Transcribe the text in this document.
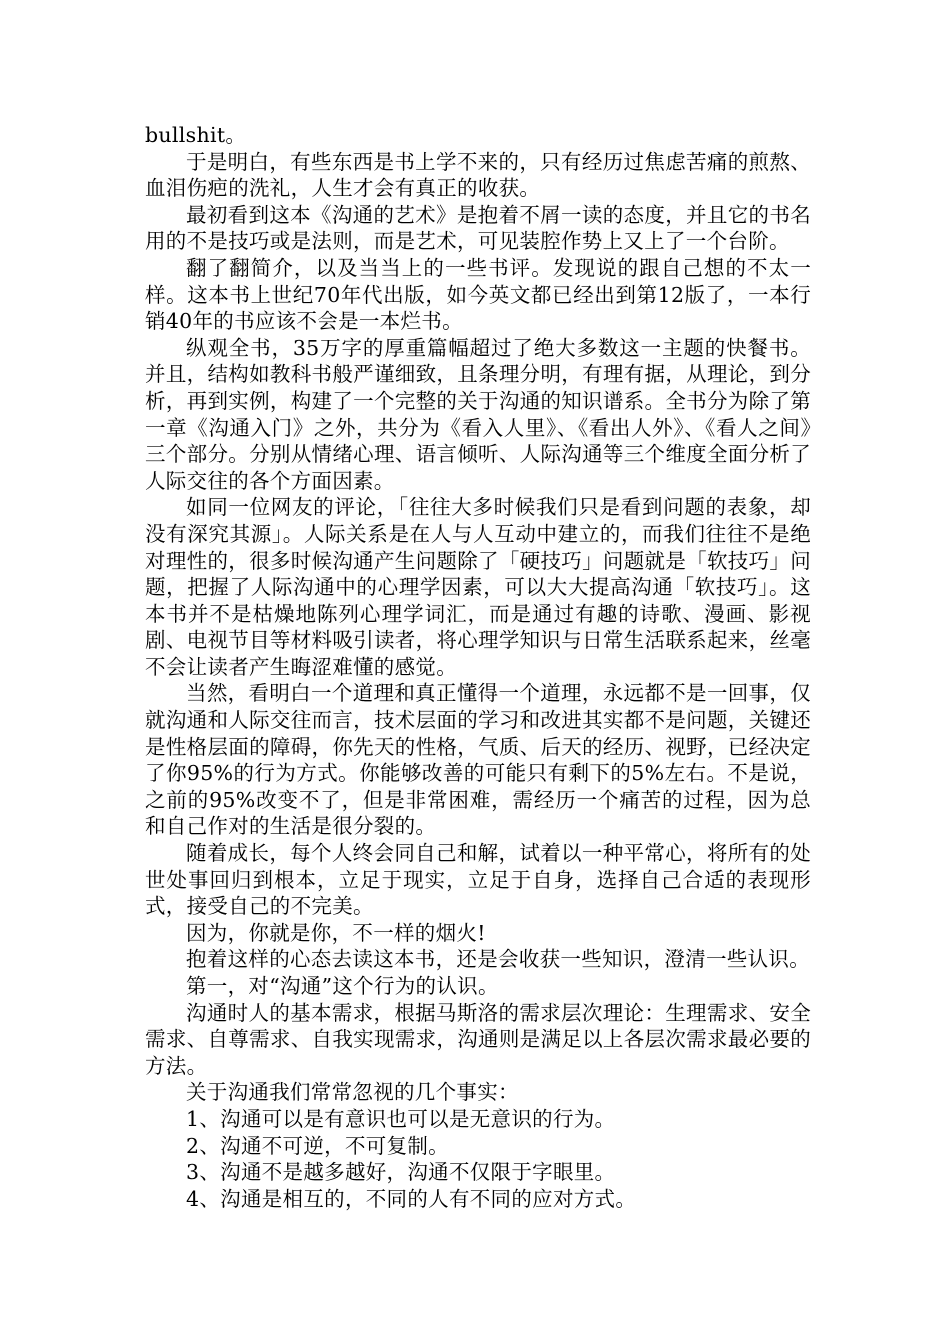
bullshit。

于是明白，有些东西是书上学不来的，只有经历过焦虑苦痛的煎熬、血泪伤疤的洗礼，人生才会有真正的收获。

最初看到这本《沟通的艺术》是抱着不屑一读的态度，并且它的书名用的不是技巧或是法则，而是艺术，可见装腔作势上又上了一个台阶。

翻了翻简介，以及当当上的一些书评。发现说的跟自己想的不太一样。这本书上世纪70年代出版，如今英文都已经出到第12版了，一本行销40年的书应该不会是一本烂书。

纵观全书，35万字的厚重篇幅超过了绝大多数这一主题的快餐书。并且，结构如教科书般严谨细致，且条理分明，有理有据，从理论，到分析，再到实例，构建了一个完整的关于沟通的知识谱系。全书分为除了第一章《沟通入门》之外，共分为《看入人里》、《看出人外》、《看人之间》三个部分。分别从情绪心理、语言倾听、人际沟通等三个维度全面分析了人际交往的各个方面因素。

如同一位网友的评论，「往往大多时候我们只是看到问题的表象，却没有深究其源」。人际关系是在人与人互动中建立的，而我们往往不是绝对理性的，很多时候沟通产生问题除了「硬技巧」问题就是「软技巧」问题，把握了人际沟通中的心理学因素，可以大大提高沟通「软技巧」。这本书并不是枯燥地陈列心理学词汇，而是通过有趣的诗歌、漫画、影视剧、电视节目等材料吸引读者，将心理学知识与日常生活联系起来，丝毫不会让读者产生晦涩难懂的感觉。

当然，看明白一个道理和真正懂得一个道理，永远都不是一回事，仅就沟通和人际交往而言，技术层面的学习和改进其实都不是问题，关键还是性格层面的障碍，你先天的性格，气质、后天的经历、视野，已经决定了你95%的行为方式。你能够改善的可能只有剩下的5%左右。不是说，之前的95%改变不了，但是非常困难，需经历一个痛苦的过程，因为总和自己作对的生活是很分裂的。

随着成长，每个人终会同自己和解，试着以一种平常心，将所有的处世处事回归到根本，立足于现实，立足于自身，选择自己合适的表现形式，接受自己的不完美。

因为，你就是你，不一样的烟火!

抱着这样的心态去读这本书，还是会收获一些知识，澄清一些认识。

第一，对“沟通”这个行为的认识。

沟通时人的基本需求，根据马斯洛的需求层次理论：生理需求、安全需求、自尊需求、自我实现需求，沟通则是满足以上各层次需求最必要的方法。

关于沟通我们常常忽视的几个事实：

1、沟通可以是有意识也可以是无意识的行为。

2、沟通不可逆，不可复制。

3、沟通不是越多越好，沟通不仅限于字眼里。

4、沟通是相互的，不同的人有不同的应对方式。
